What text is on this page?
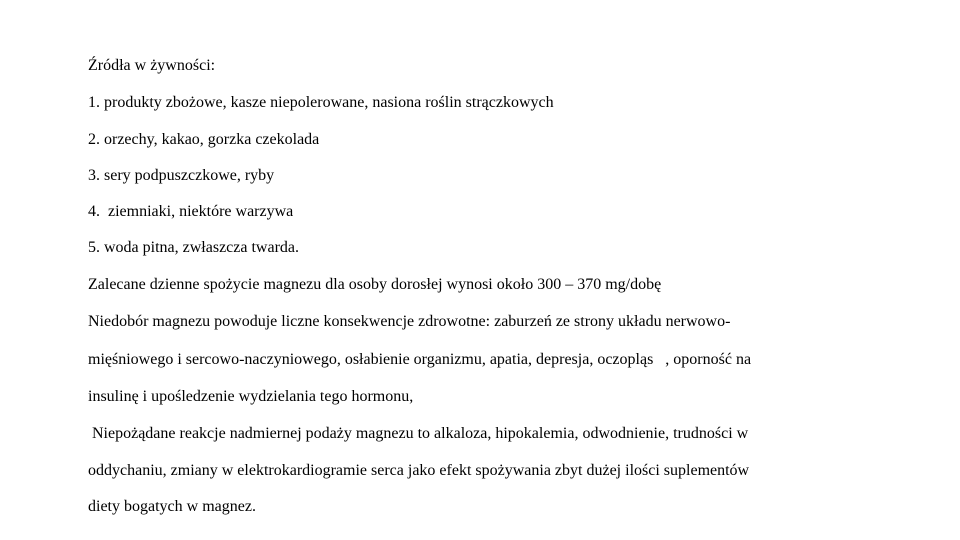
Źródła w żywności:
1. produkty zbożowe, kasze niepolerowane, nasiona roślin strączkowych
2. orzechy, kakao, gorzka czekolada
3. sery podpuszczkowe, ryby
4.  ziemniaki, niektóre warzywa
5. woda pitna, zwłaszcza twarda.
Zalecane dzienne spożycie magnezu dla osoby dorosłej wynosi około 300 – 370 mg/dobę
Niedobór magnezu powoduje liczne konsekwencje zdrowotne: zaburzeń ze strony układu nerwowo-
mięśniowego i sercowo-naczyniowego, osłabienie organizmu, apatia, depresja, oczopląs   , oporność na
insulinę i upośledzenie wydzielania tego hormonu,
Niepożądane reakcje nadmiernej podaży magnezu to alkaloza, hipokalemia, odwodnienie, trudności w
oddychaniu, zmiany w elektrokardiogramie serca jako efekt spożywania zbyt dużej ilości suplementów
diety bogatych w magnez.
